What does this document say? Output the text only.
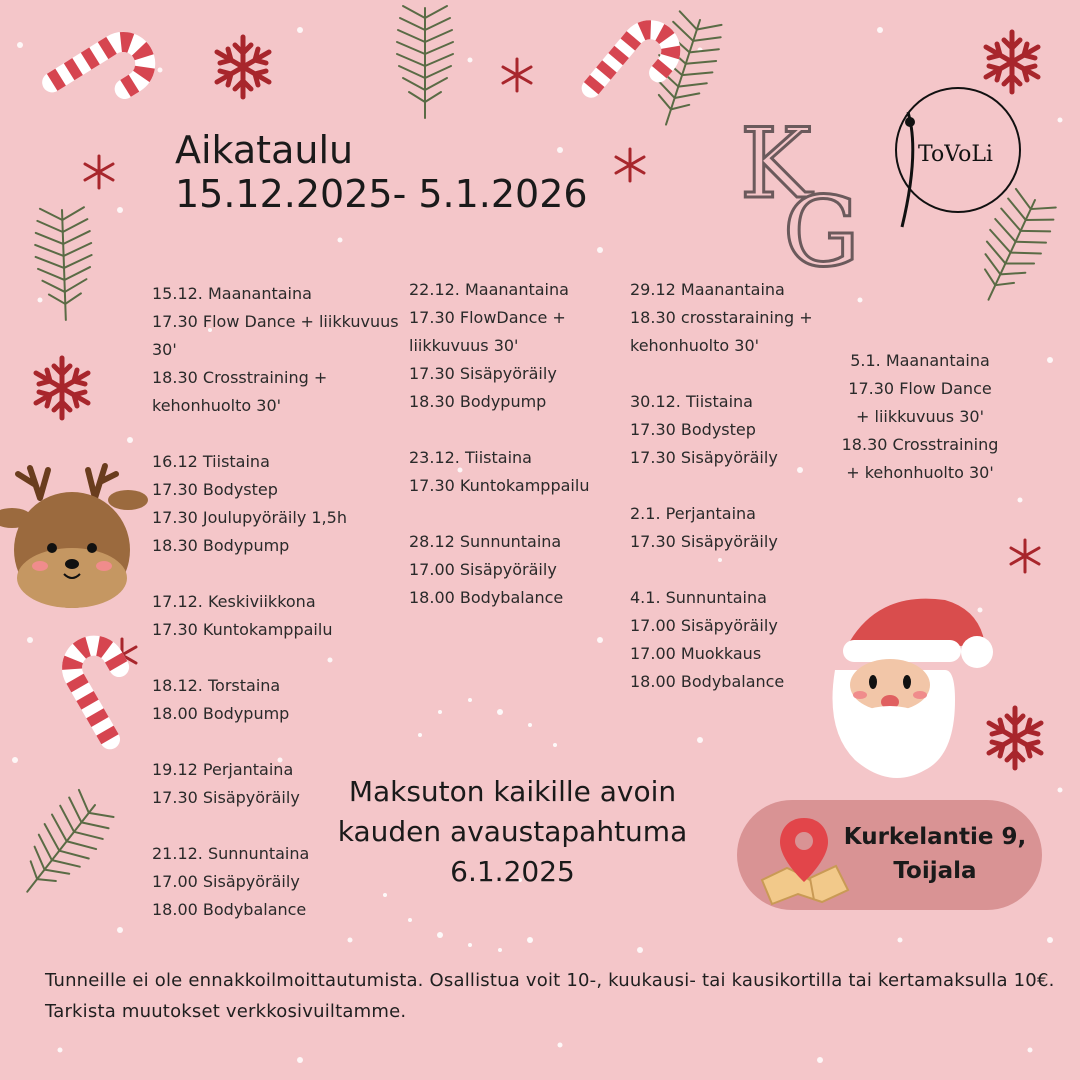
K
G
ToVoLi
Aikataulu
15.12.2025- 5.1.2026
15.12. Maanantaina
17.30 Flow Dance + liikkuvuus
30'
18.30 Crosstraining +
kehonhuolto 30'
16.12 Tiistaina
17.30 Bodystep
17.30 Joulupyöräily 1,5h
18.30 Bodypump
17.12. Keskiviikkona
17.30 Kuntokamppailu
18.12. Torstaina
18.00 Bodypump
19.12 Perjantaina
17.30 Sisäpyöräily
21.12. Sunnuntaina
17.00 Sisäpyöräily
18.00 Bodybalance
22.12. Maanantaina
17.30 FlowDance +
liikkuvuus 30'
17.30 Sisäpyöräily
18.30 Bodypump
23.12. Tiistaina
17.30 Kuntokamppailu
28.12 Sunnuntaina
17.00 Sisäpyöräily
18.00 Bodybalance
29.12 Maanantaina
18.30 crosstaraining +
kehonhuolto 30'
30.12. Tiistaina
17.30 Bodystep
17.30 Sisäpyöräily
2.1. Perjantaina
17.30 Sisäpyöräily
4.1. Sunnuntaina
17.00 Sisäpyöräily
17.00 Muokkaus
18.00 Bodybalance
5.1. Maanantaina
17.30 Flow Dance
+ liikkuvuus 30'
18.30 Crosstraining
+ kehonhuolto 30'
Maksuton kaikille avoin
kauden avaustapahtuma
6.1.2025
Kurkelantie 9,
Toijala
Tunneille ei ole ennakkoilmoittautumista. Osallistua voit 10-, kuukausi- tai kausikortilla tai kertamaksulla 10€. Tarkista muutokset verkkosivuiltamme.
